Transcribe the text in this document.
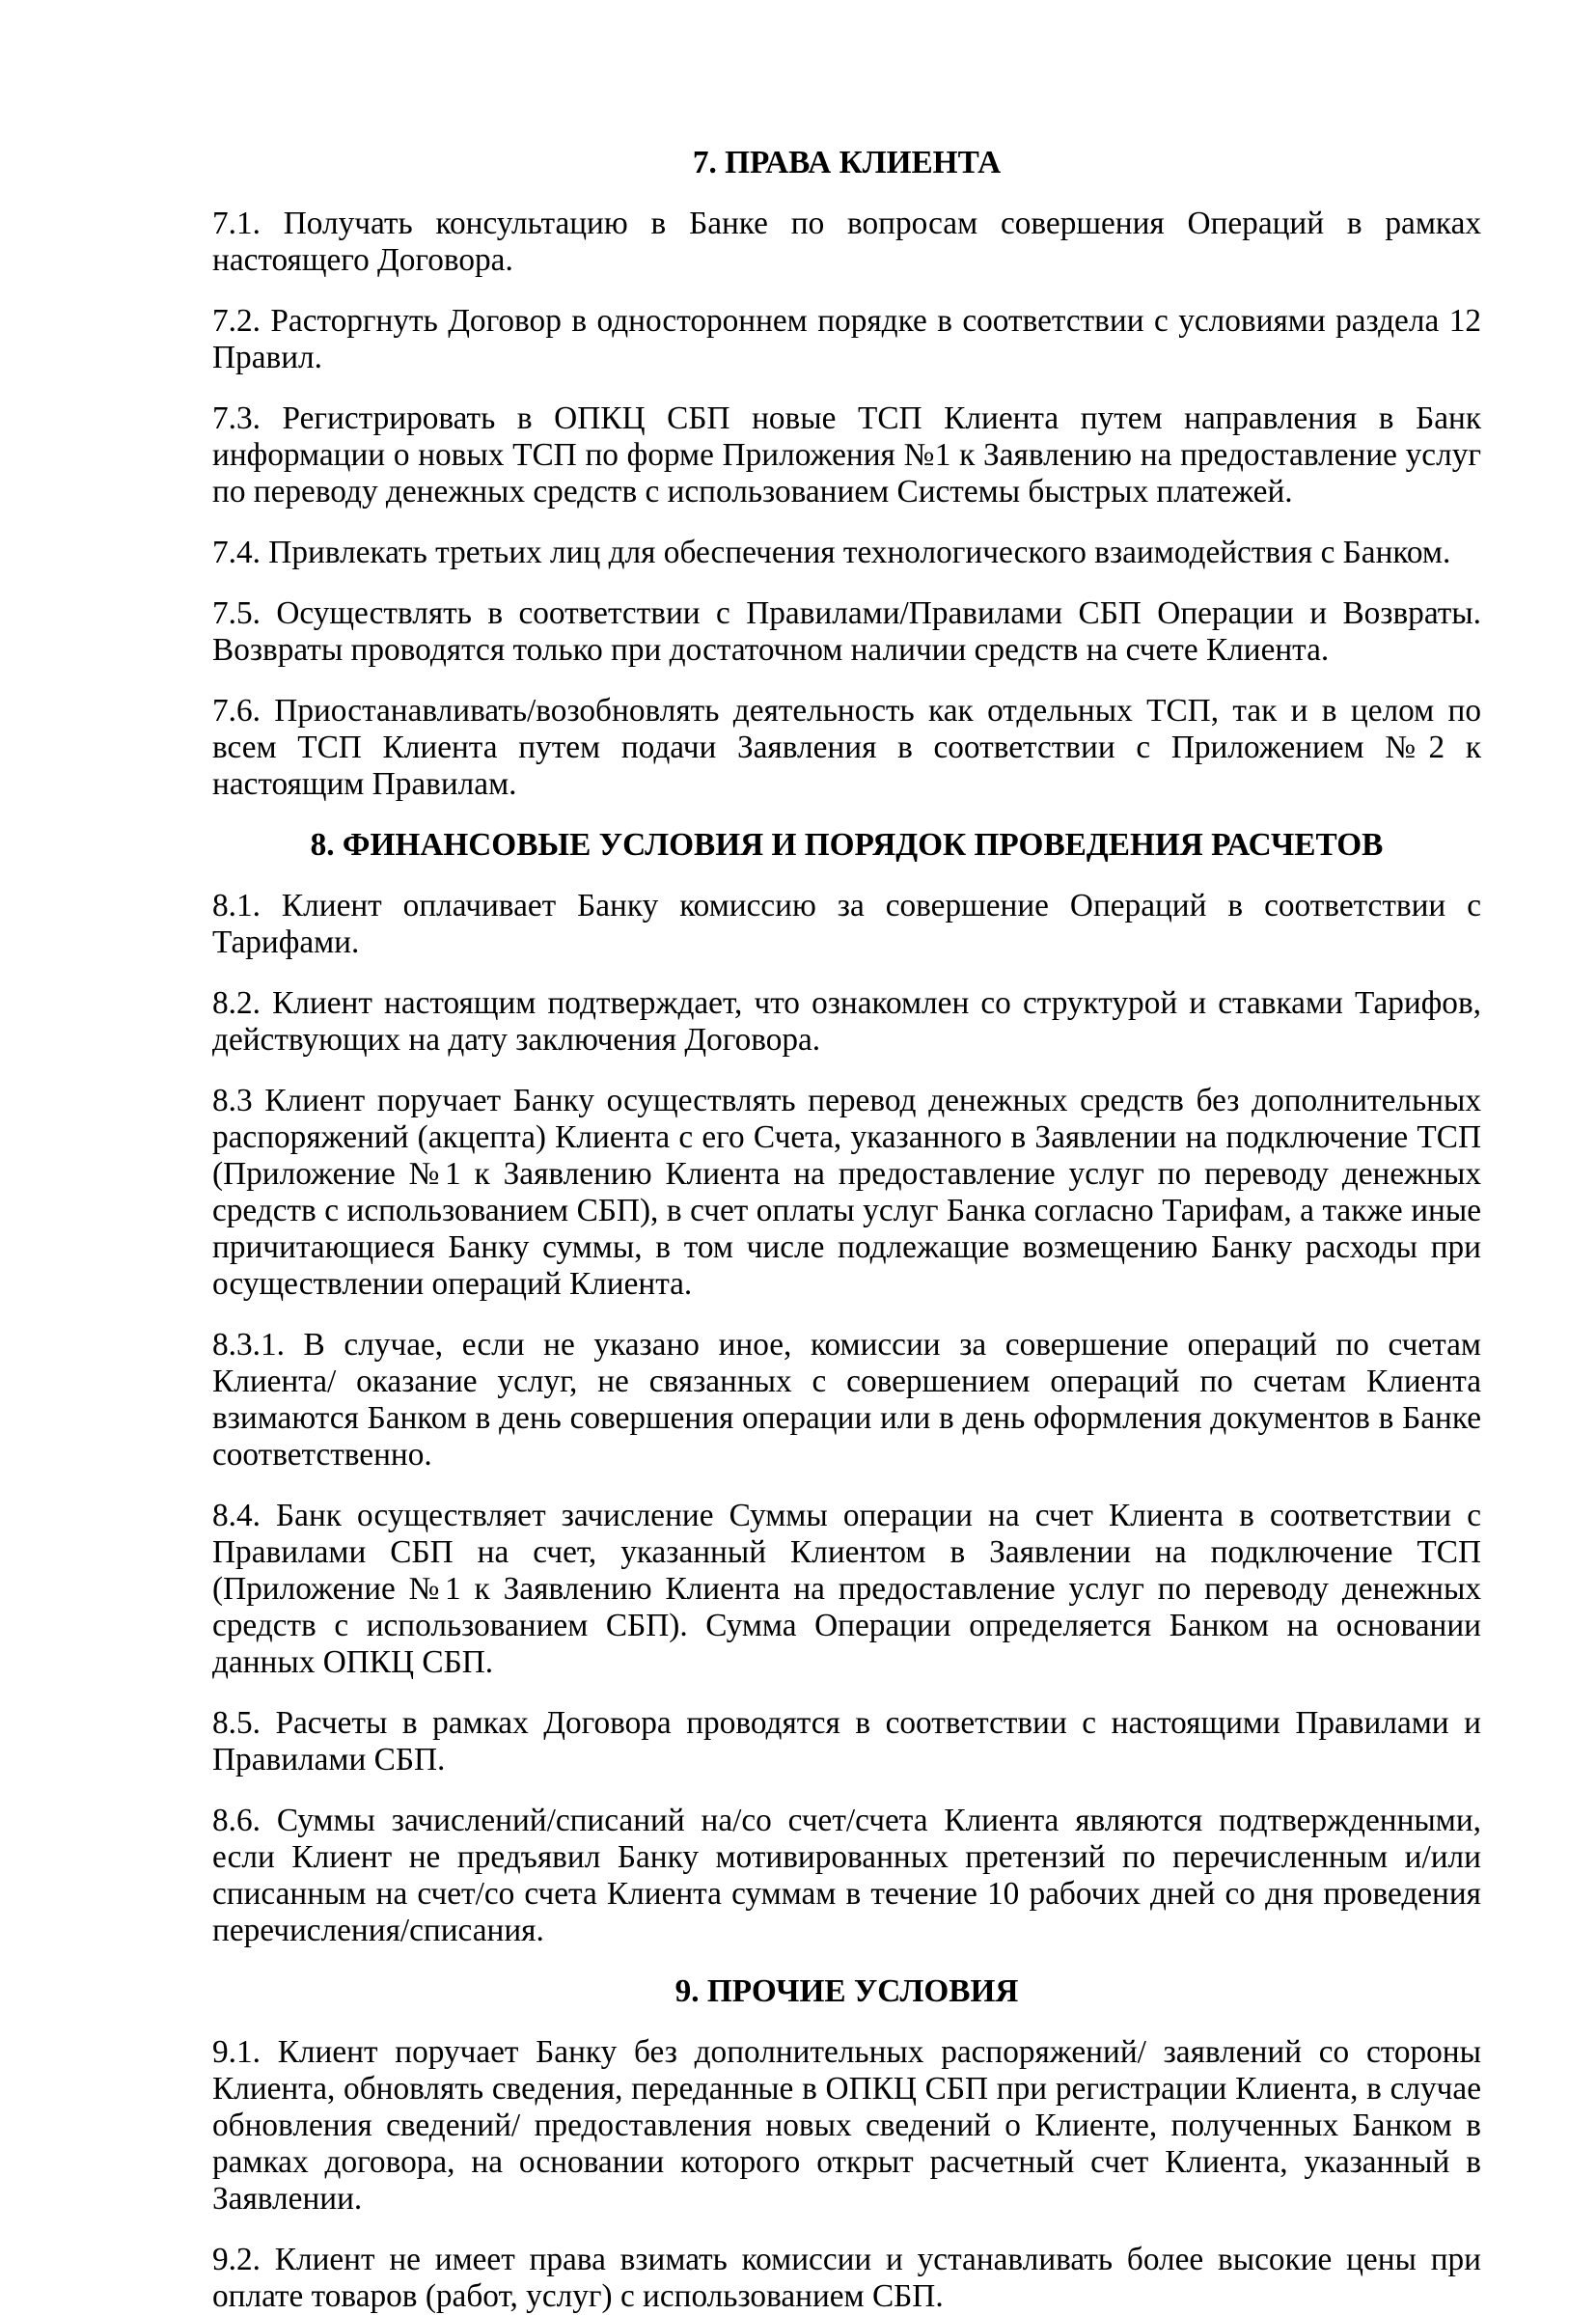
7. ПРАВА КЛИЕНТА

7.1. Получать консультацию в Банке по вопросам совершения Операций в рамках настоящего Договора.

7.2. Расторгнуть Договор в одностороннем порядке в соответствии с условиями раздела 12 Правил.

7.3. Регистрировать в ОПКЦ СБП новые ТСП Клиента путем направления в Банк информации о новых ТСП по форме Приложения №1 к Заявлению на предоставление услуг по переводу денежных средств с использованием Системы быстрых платежей.

7.4. Привлекать третьих лиц для обеспечения технологического взаимодействия с Банком.

7.5. Осуществлять в соответствии с Правилами/Правилами СБП Операции и Возвраты. Возвраты проводятся только при достаточном наличии средств на счете Клиента.

7.6. Приостанавливать/возобновлять деятельность как отдельных ТСП, так и в целом по всем ТСП Клиента путем подачи Заявления в соответствии с Приложением №2 к настоящим Правилам.

8. ФИНАНСОВЫЕ УСЛОВИЯ И ПОРЯДОК ПРОВЕДЕНИЯ РАСЧЕТОВ

8.1. Клиент оплачивает Банку комиссию за совершение Операций в соответствии с Тарифами.

8.2. Клиент настоящим подтверждает, что ознакомлен со структурой и ставками Тарифов, действующих на дату заключения Договора.

8.3 Клиент поручает Банку осуществлять перевод денежных средств без дополнительных распоряжений (акцепта) Клиента с его Счета, указанного в Заявлении на подключение ТСП (Приложение №1 к Заявлению Клиента на предоставление услуг по переводу денежных средств с использованием СБП), в счет оплаты услуг Банка согласно Тарифам, а также иные причитающиеся Банку суммы, в том числе подлежащие возмещению Банку расходы при осуществлении операций Клиента.

8.3.1. В случае, если не указано иное, комиссии за совершение операций по счетам Клиента/ оказание услуг, не связанных с совершением операций по счетам Клиента взимаются Банком в день совершения операции или в день оформления документов в Банке соответственно.

8.4. Банк осуществляет зачисление Суммы операции на счет Клиента в соответствии с Правилами СБП на счет, указанный Клиентом в Заявлении на подключение ТСП (Приложение №1 к Заявлению Клиента на предоставление услуг по переводу денежных средств с использованием СБП). Сумма Операции определяется Банком на основании данных ОПКЦ СБП.

8.5. Расчеты в рамках Договора проводятся в соответствии с настоящими Правилами и Правилами СБП.

8.6. Суммы зачислений/списаний на/со счет/счета Клиента являются подтвержденными, если Клиент не предъявил Банку мотивированных претензий по перечисленным и/или списанным на счет/со счета Клиента суммам в течение 10 рабочих дней со дня проведения перечисления/списания.

9. ПРОЧИЕ УСЛОВИЯ

9.1. Клиент поручает Банку без дополнительных распоряжений/ заявлений со стороны Клиента, обновлять сведения, переданные в ОПКЦ СБП при регистрации Клиента, в случае обновления сведений/ предоставления новых сведений о Клиенте, полученных Банком в рамках договора, на основании которого открыт расчетный счет Клиента, указанный в Заявлении.

9.2. Клиент не имеет права взимать комиссии и устанавливать более высокие цены при оплате товаров (работ, услуг) с использованием СБП.
